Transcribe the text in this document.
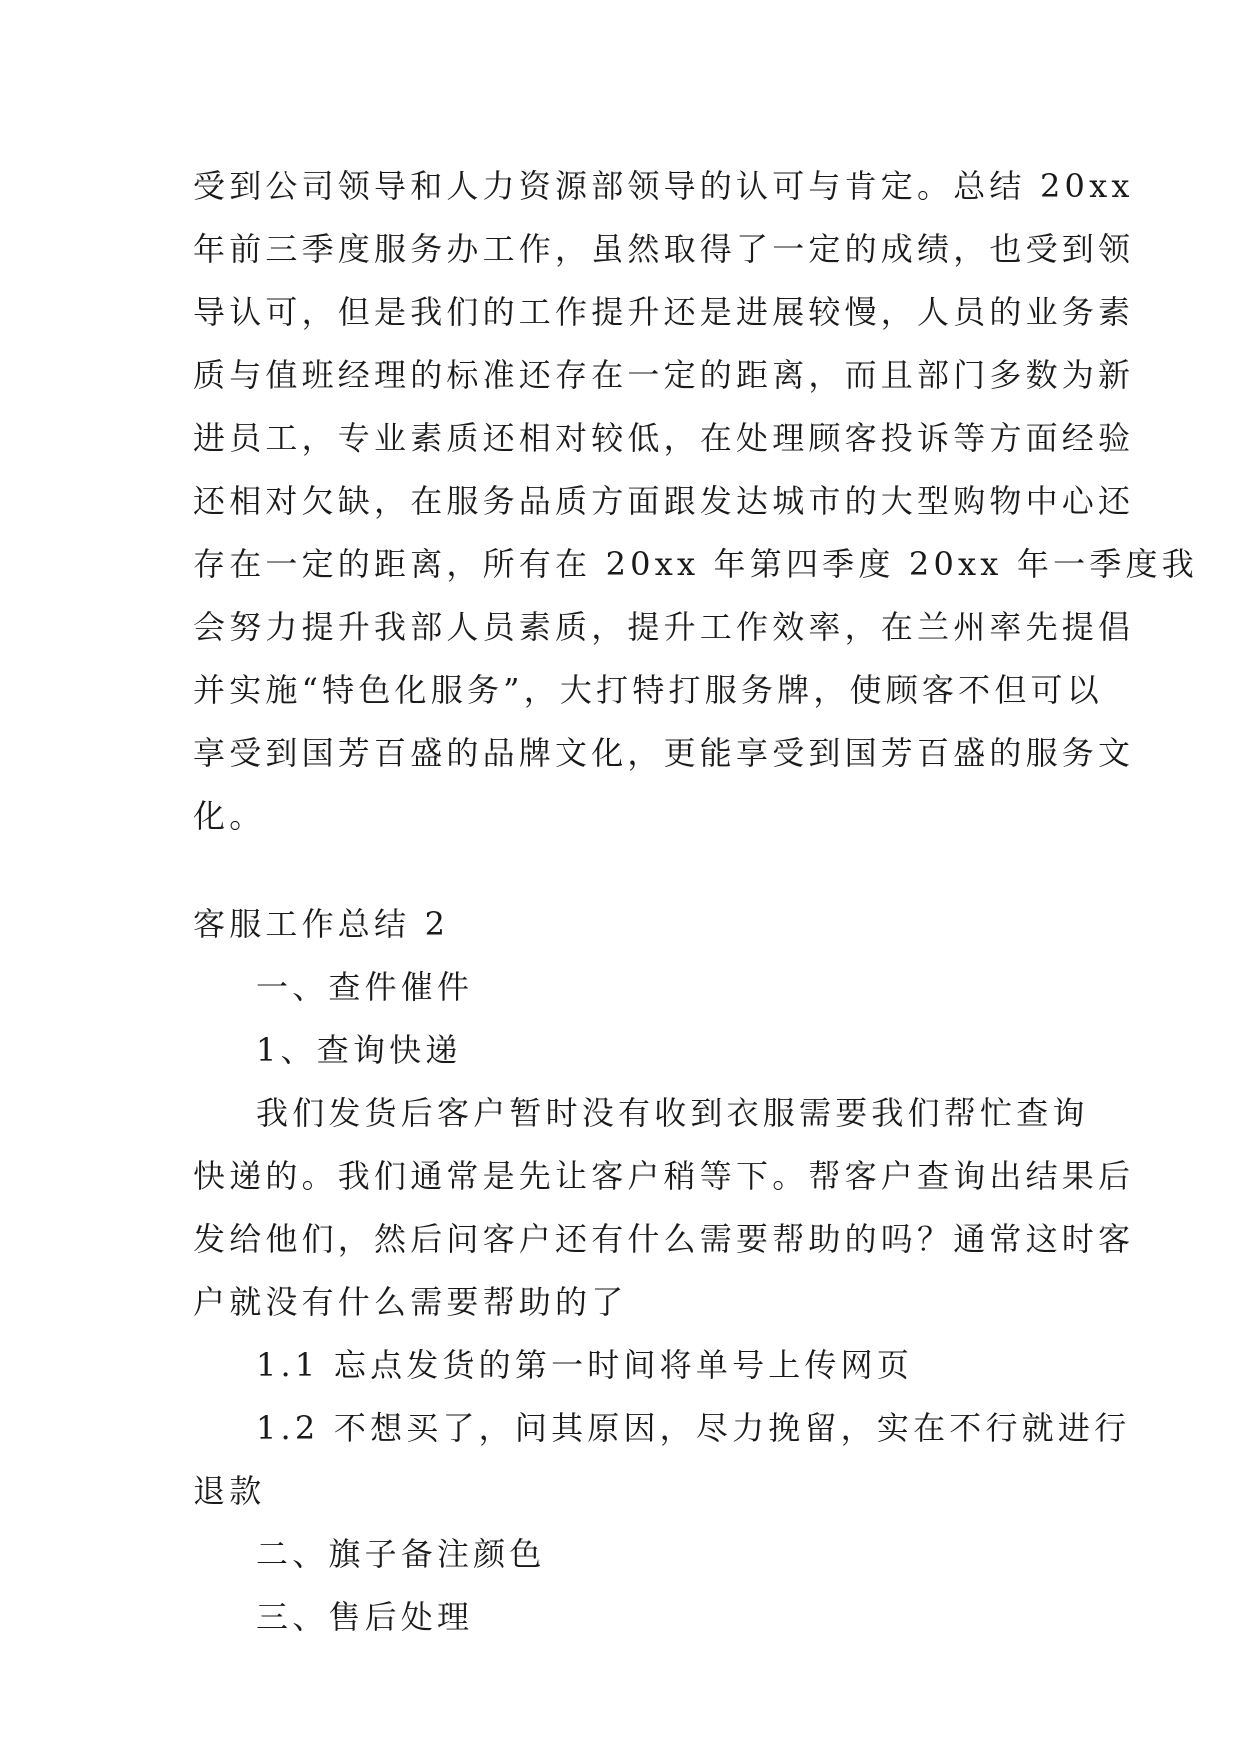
受到公司领导和人力资源部领导的认可与肯定。总结 20xx
年前三季度服务办工作，虽然取得了一定的成绩，也受到领
导认可，但是我们的工作提升还是进展较慢，人员的业务素
质与值班经理的标准还存在一定的距离，而且部门多数为新
进员工，专业素质还相对较低，在处理顾客投诉等方面经验
还相对欠缺，在服务品质方面跟发达城市的大型购物中心还
存在一定的距离，所有在 20xx 年第四季度 20xx 年一季度我
会努力提升我部人员素质，提升工作效率，在兰州率先提倡
并实施“特色化服务”，大打特打服务牌，使顾客不但可以
享受到国芳百盛的品牌文化，更能享受到国芳百盛的服务文
化。
客服工作总结 2
一、查件催件
1、查询快递
我们发货后客户暂时没有收到衣服需要我们帮忙查询
快递的。我们通常是先让客户稍等下。帮客户查询出结果后
发给他们，然后问客户还有什么需要帮助的吗？通常这时客
户就没有什么需要帮助的了
1.1 忘点发货的第一时间将单号上传网页
1.2 不想买了，问其原因，尽力挽留，实在不行就进行
退款
二、旗子备注颜色
三、售后处理
